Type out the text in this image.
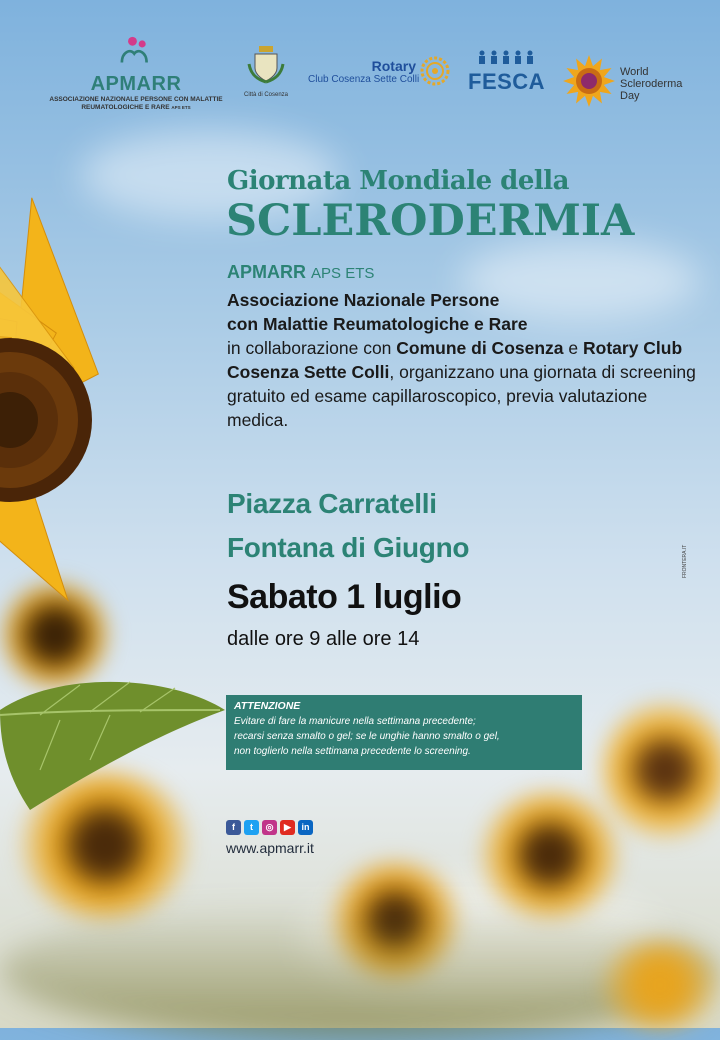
APMARR
ASSOCIAZIONE NAZIONALE PERSONE CON MALATTIE
REUMATOLOGICHE E RARE APS ETS
Città di Cosenza
Rotary
Club Cosenza Sette Colli	FESCA	World
Scleroderma
Day

Giornata Mondiale della

SCLERODERMIA

APMARR APS ETS

Associazione Nazionale Persone
con Malattie Reumatologiche e Rare
in collaborazione con Comune di Cosenza e Rotary Club Cosenza Sette Colli, organizzano una giornata di screening gratuito ed esame capillaroscopico, previa valutazione medica.

Piazza Carratelli

Fontana di Giugno

Sabato 1 luglio

dalle ore 9 alle ore 14

ATTENZIONE

Evitare di fare la manicure nella settimana precedente;

recarsi senza smalto o gel; se le unghie hanno smalto o gel,

non toglierlo nella settimana precedente lo screening.

f	t	◎	▶	in

www.apmarr.it

FRONTERA.IT
